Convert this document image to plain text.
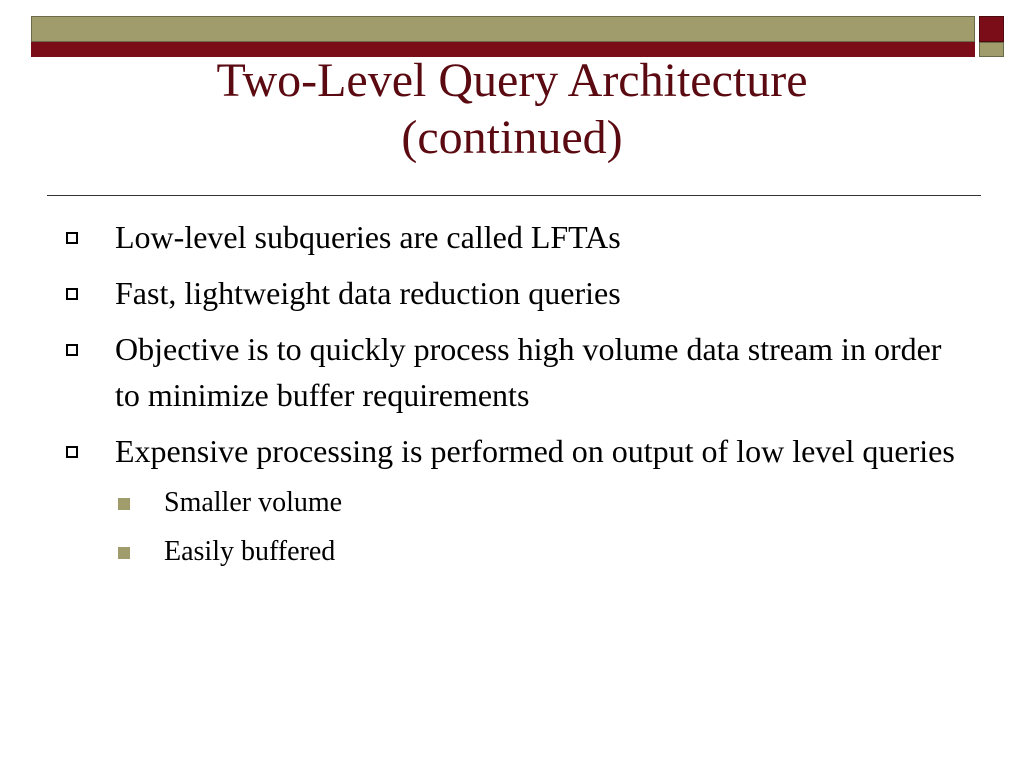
Two-Level Query Architecture
(continued)
Low-level subqueries are called LFTAs
Fast, lightweight data reduction queries
Objective is to quickly process high volume data stream in order to minimize buffer requirements
Expensive processing is performed on output of low level queries
Smaller volume
Easily buffered
